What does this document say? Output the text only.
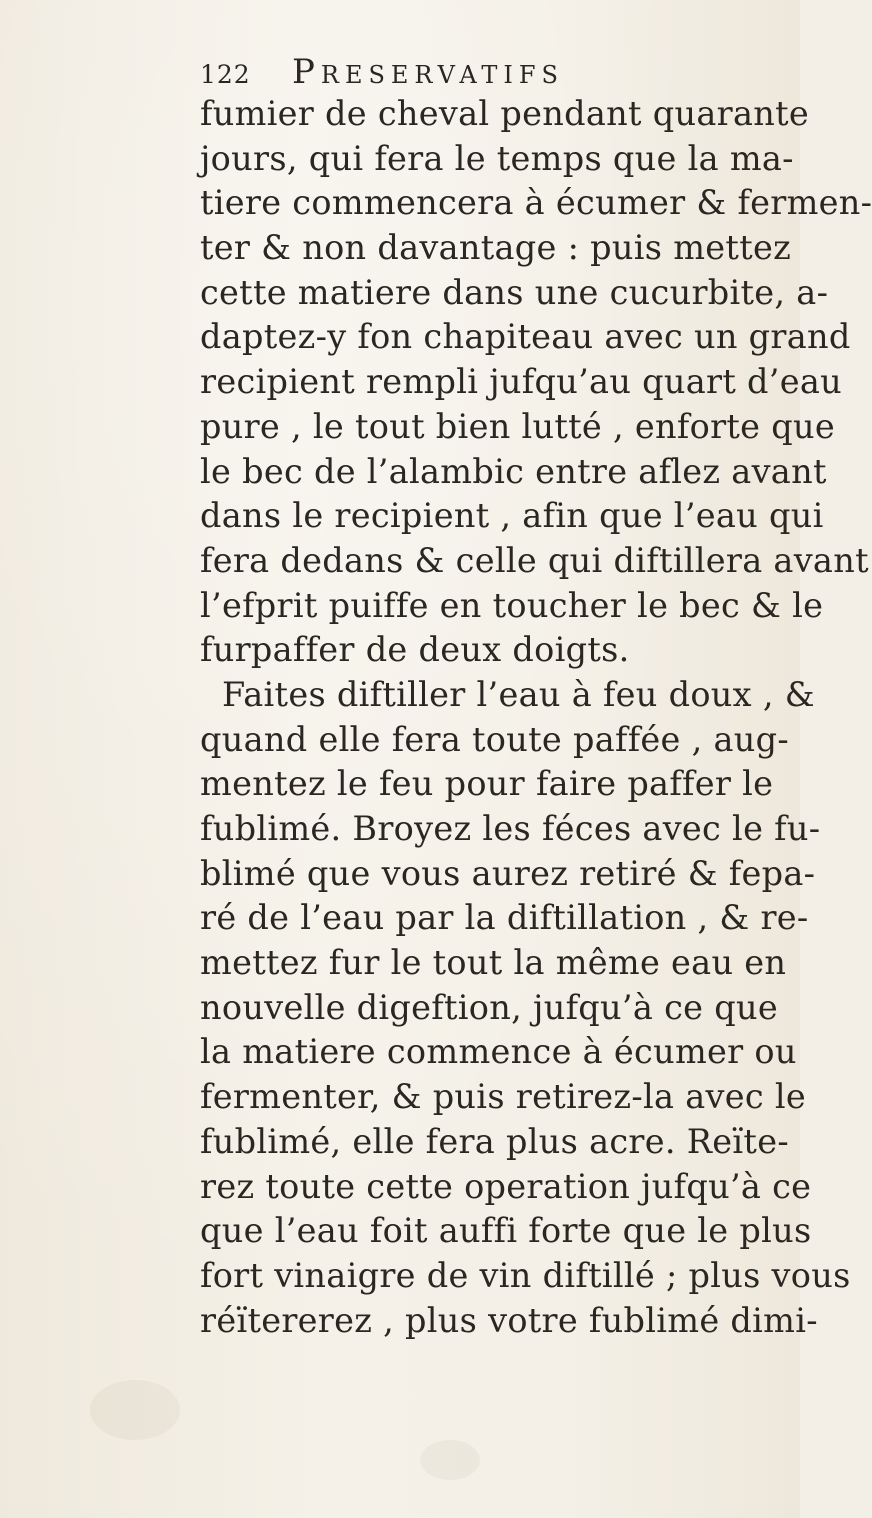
122 Preservatifs
fumier de cheval pendant quarante
jours, qui fera le temps que la ma-
tiere commencera à écumer & fermen-
ter & non davantage : puis mettez
cette matiere dans une cucurbite, a-
daptez-y fon chapiteau avec un grand
recipient rempli jufqu’au quart d’eau
pure , le tout bien lutté , enforte que
le bec de l’alambic entre aflez avant
dans le recipient , afin que l’eau qui
fera dedans & celle qui diftillera avant
l’efprit puiffe en toucher le bec & le
furpaffer de deux doigts.
Faites diftiller l’eau à feu doux , &
quand elle fera toute paffée , aug-
mentez le feu pour faire paffer le
fublimé. Broyez les féces avec le fu-
blimé que vous aurez retiré & fepa-
ré de l’eau par la diftillation , & re-
mettez fur le tout la même eau en
nouvelle digeftion, jufqu’à ce que
la matiere commence à écumer ou
fermenter, & puis retirez-la avec le
fublimé, elle fera plus acre. Reïte-
rez toute cette operation jufqu’à ce
que l’eau foit auffi forte que le plus
fort vinaigre de vin diftillé ; plus vous
réïtererez , plus votre fublimé dimi-
